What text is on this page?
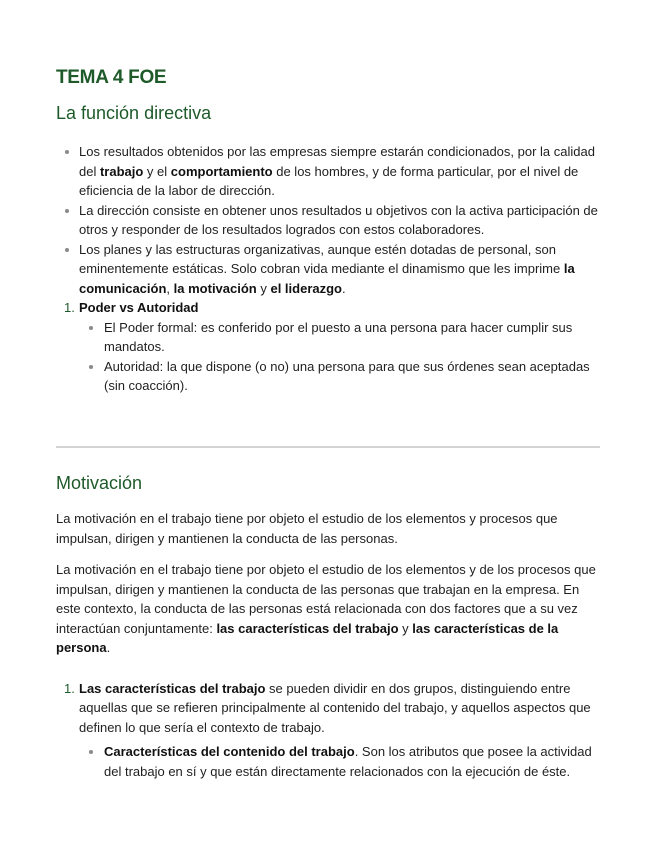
TEMA 4 FOE
La función directiva
Los resultados obtenidos por las empresas siempre estarán condicionados, por la calidad del trabajo y el comportamiento de los hombres, y de forma particular, por el nivel de eficiencia de la labor de dirección.
La dirección consiste en obtener unos resultados u objetivos con la activa participación de otros y responder de los resultados logrados con estos colaboradores.
Los planes y las estructuras organizativas, aunque estén dotadas de personal, son eminentemente estáticas. Solo cobran vida mediante el dinamismo que les imprime la comunicación, la motivación y el liderazgo.
1. Poder vs Autoridad
El Poder formal: es conferido por el puesto a una persona para hacer cumplir sus mandatos.
Autoridad: la que dispone (o no) una persona para que sus órdenes sean aceptadas (sin coacción).
Motivación

La motivación en el trabajo tiene por objeto el estudio de los elementos y procesos que impulsan, dirigen y mantienen la conducta de las personas.

La motivación en el trabajo tiene por objeto el estudio de los elementos y de los procesos que impulsan, dirigen y mantienen la conducta de las personas que trabajan en la empresa. En este contexto, la conducta de las personas está relacionada con dos factores que a su vez interactúan conjuntamente: las características del trabajo y las características de la persona.

1. Las características del trabajo se pueden dividir en dos grupos, distinguiendo entre aquellas que se refieren principalmente al contenido del trabajo, y aquellos aspectos que definen lo que sería el contexto de trabajo.
Características del contenido del trabajo. Son los atributos que posee la actividad del trabajo en sí y que están directamente relacionados con la ejecución de éste.
